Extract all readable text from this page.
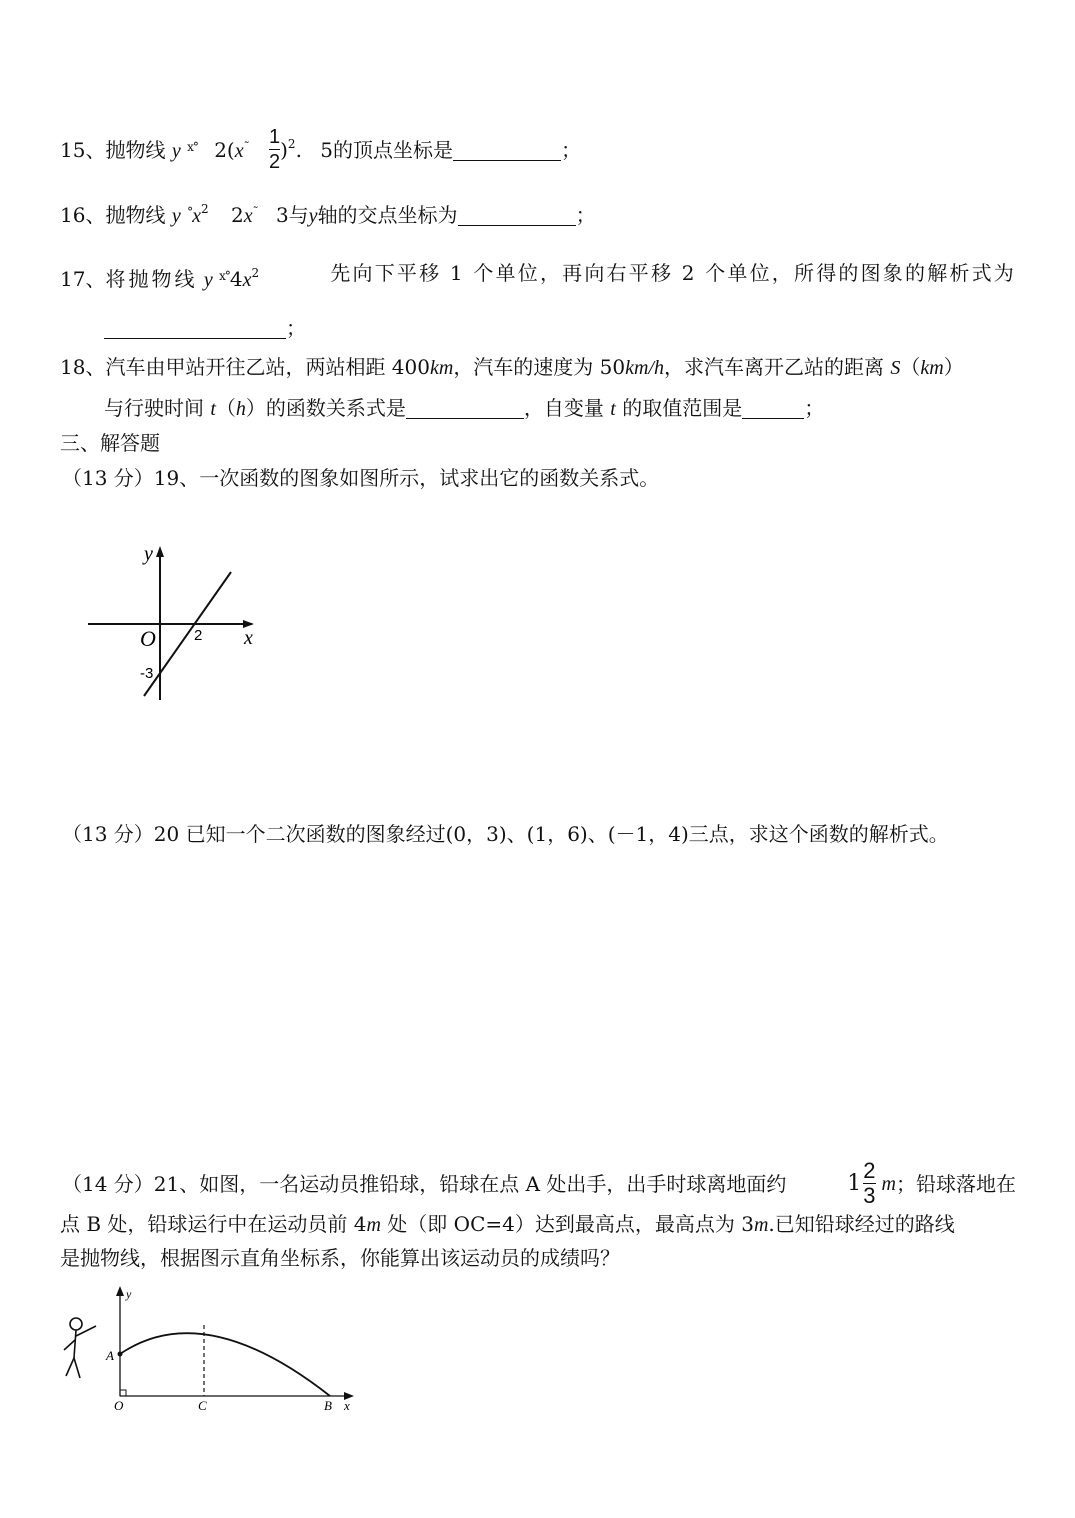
15、抛物线 y $^{x^\circ}$ $2(x^˜ \frac{1}{2} )^2$. 5的顶点坐标是	；
16、抛物线 y $^\circ x^2$ 2x˜ 3与y轴的交点坐标为	；
17、将抛物线 y $^{x^\circ}4x^2$	先向下平移 1 个单位，再向右平移 2 个单位，所得的图象的解析式为
；
18、汽车由甲站开往乙站，两站相距 400km，汽车的速度为 50km/h，求汽车离开乙站的距离 S（km）
与行驶时间 t（h）的函数关系式是	，自变量 t 的取值范围是	；
三、解答题
（13 分）19、一次函数的图象如图所示，试求出它的函数关系式。
y
x
O	2
-3
（13 分）20 已知一个二次函数的图象经过(0，3)、(1，6)、(－1，4)三点，求这个函数的解析式。
（14 分）21、如图，一名运动员推铅球，铅球在点 A 处出手，出手时球离地面约	$1 \frac{2}{3}$ m ；铅球落地在
点 B 处，铅球运行中在运动员前 4m 处（即 OC=4）达到最高点，最高点为 3m.已知铅球经过的路线
是抛物线，根据图示直角坐标系，你能算出该运动员的成绩吗？
y
x
A
O	C	B
